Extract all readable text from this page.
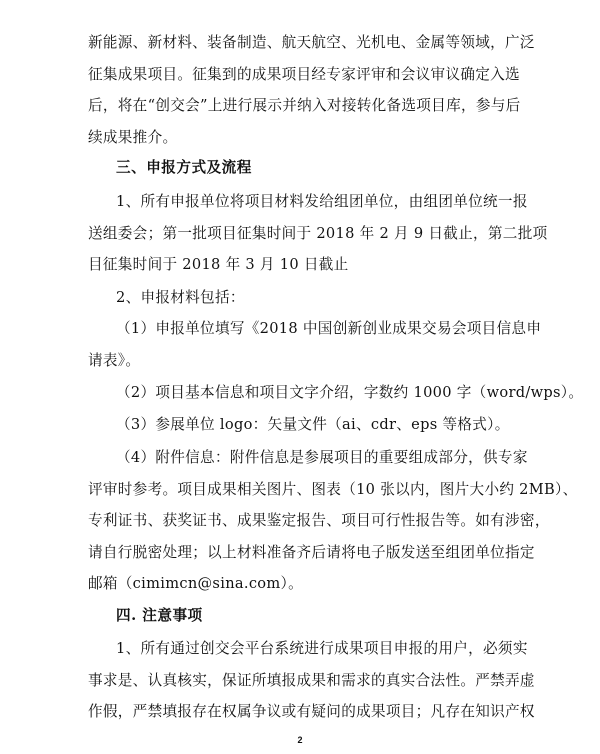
新能源、新材料、装备制造、航天航空、光机电、金属等领域，广泛
征集成果项目。征集到的成果项目经专家评审和会议审议确定入选
后，将在“创交会”上进行展示并纳入对接转化备选项目库，参与后
续成果推介。
三、申报方式及流程
1、所有申报单位将项目材料发给组团单位，由组团单位统一报
送组委会；第一批项目征集时间于 2018 年 2 月 9 日截止，第二批项
目征集时间于 2018 年 3 月 10 日截止
2、申报材料包括：
（1）申报单位填写《2018 中国创新创业成果交易会项目信息申
请表》。
（2）项目基本信息和项目文字介绍，字数约 1000 字（word/wps）。
（3）参展单位 logo：矢量文件（ai、cdr、eps 等格式）。
（4）附件信息：附件信息是参展项目的重要组成部分，供专家
评审时参考。项目成果相关图片、图表（10 张以内，图片大小约 2MB）、
专利证书、获奖证书、成果鉴定报告、项目可行性报告等。如有涉密，
请自行脱密处理；以上材料准备齐后请将电子版发送至组团单位指定
邮箱（cimimcn@sina.com）。
四. 注意事项
1、所有通过创交会平台系统进行成果项目申报的用户，必须实
事求是、认真核实，保证所填报成果和需求的真实合法性。严禁弄虚
作假，严禁填报存在权属争议或有疑问的成果项目；凡存在知识产权
2
